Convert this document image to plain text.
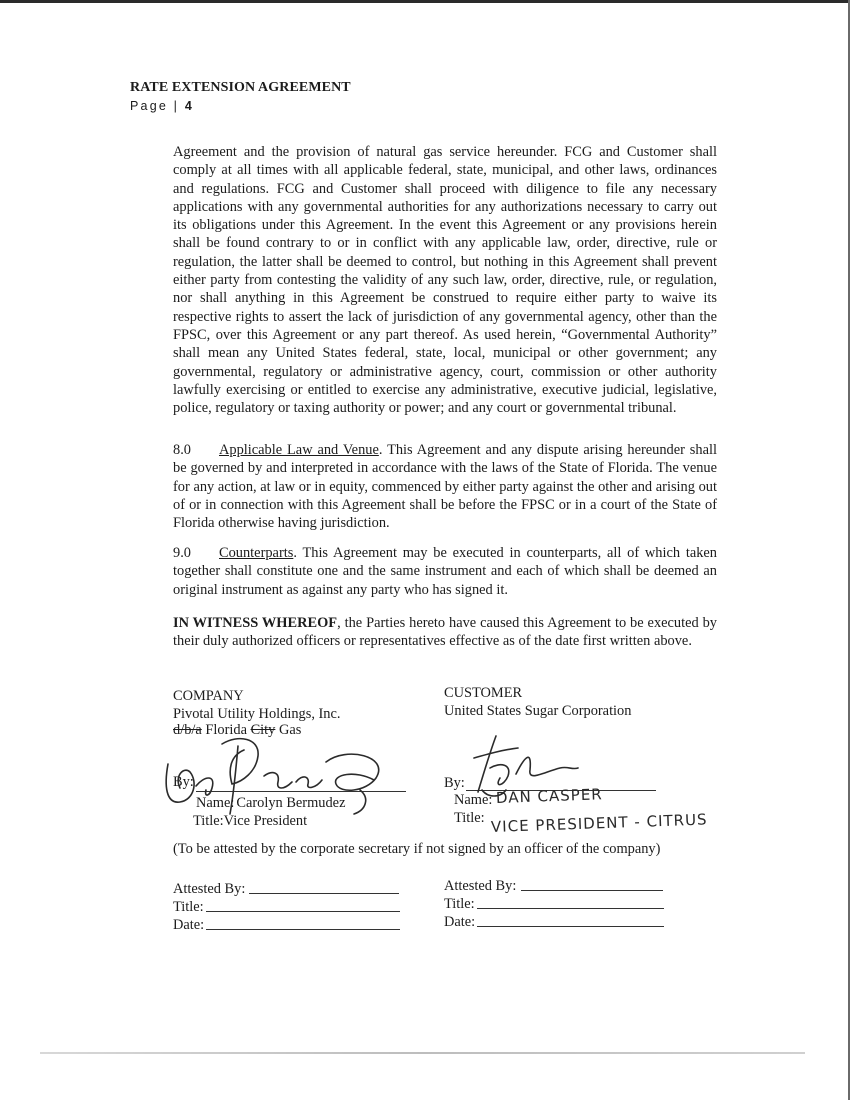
RATE EXTENSION AGREEMENT
Page | 4
Agreement and the provision of natural gas service hereunder. FCG and Customer shall comply at all times with all applicable federal, state, municipal, and other laws, ordinances and regulations. FCG and Customer shall proceed with diligence to file any necessary applications with any governmental authorities for any authorizations necessary to carry out its obligations under this Agreement. In the event this Agreement or any provisions herein shall be found contrary to or in conflict with any applicable law, order, directive, rule or regulation, the latter shall be deemed to control, but nothing in this Agreement shall prevent either party from contesting the validity of any such law, order, directive, rule, or regulation, nor shall anything in this Agreement be construed to require either party to waive its respective rights to assert the lack of jurisdiction of any governmental agency, other than the FPSC, over this Agreement or any part thereof. As used herein, “Governmental Authority” shall mean any United States federal, state, local, municipal or other government; any governmental, regulatory or administrative agency, court, commission or other authority lawfully exercising or entitled to exercise any administrative, executive judicial, legislative, police, regulatory or taxing authority or power; and any court or governmental tribunal.
8.0 Applicable Law and Venue. This Agreement and any dispute arising hereunder shall be governed by and interpreted in accordance with the laws of the State of Florida. The venue for any action, at law or in equity, commenced by either party against the other and arising out of or in connection with this Agreement shall be before the FPSC or in a court of the State of Florida otherwise having jurisdiction.
9.0 Counterparts. This Agreement may be executed in counterparts, all of which taken together shall constitute one and the same instrument and each of which shall be deemed an original instrument as against any party who has signed it.
IN WITNESS WHEREOF, the Parties hereto have caused this Agreement to be executed by their duly authorized officers or representatives effective as of the date first written above.
COMPANY
Pivotal Utility Holdings, Inc.
d/b/a Florida City Gas
By:
Name: Carolyn Bermudez
Title:Vice President
CUSTOMER
United States Sugar Corporation
By:
Name: DAN CASPER
Title: VICE PRESIDENT - CITRUS
(To be attested by the corporate secretary if not signed by an officer of the company)
Attested By:
Title:
Date:
Attested By:
Title:
Date:
